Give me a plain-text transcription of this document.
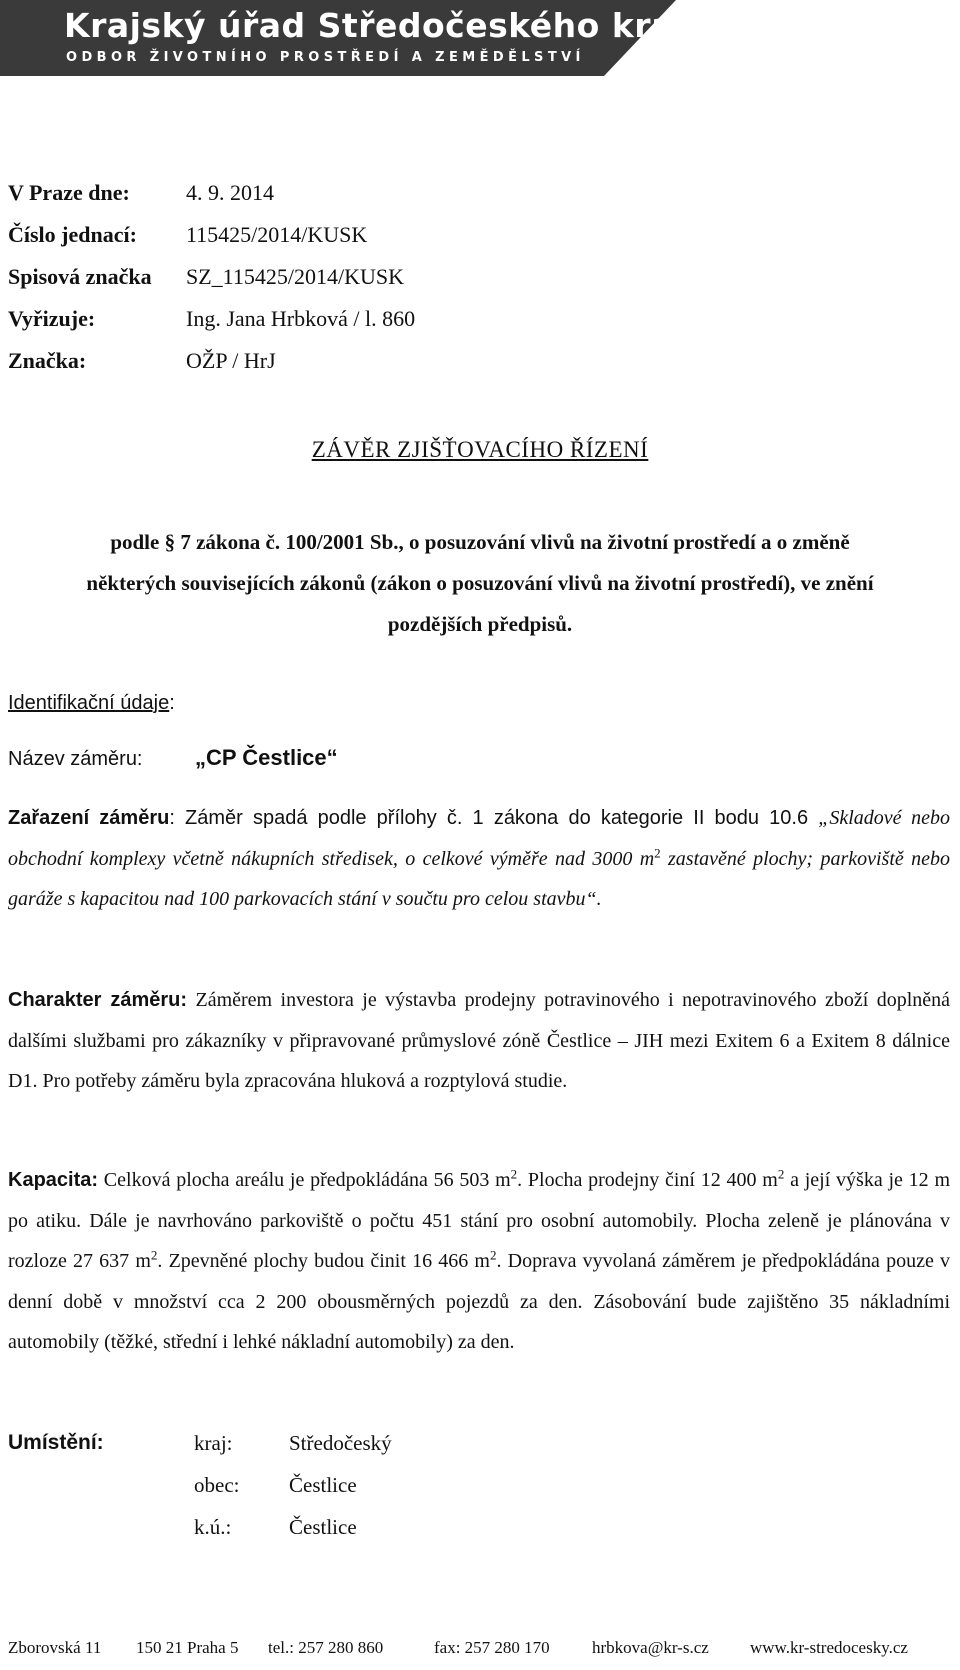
Krajský úřad Středočeského kraje
ODBOR ŽIVOTNÍHO PROSTŘEDÍ A ZEMĚDĚLSTVÍ
V Praze dne:	4. 9. 2014
Číslo jednací: 115425/2014/KUSK
Spisová značka SZ_115425/2014/KUSK
Vyřizuje:	Ing. Jana Hrbková / l. 860
Značka:	OŽP / HrJ
ZÁVĚR ZJIŠŤOVACÍHO ŘÍZENÍ
podle § 7 zákona č. 100/2001 Sb., o posuzování vlivů na životní prostředí a o změně
některých souvisejících zákonů (zákon o posuzování vlivů na životní prostředí), ve znění
pozdějších předpisů.
Identifikační údaje:
Název záměru: „CP Čestlice“
Zařazení záměru: Záměr spadá podle přílohy č. 1 zákona do kategorie II bodu 10.6 „Skladové nebo obchodní komplexy včetně nákupních středisek, o celkové výměře nad 3000 $m^2$ zastavěné plochy; parkoviště nebo garáže s kapacitou nad 100 parkovacích stání v součtu pro celou stavbu“.
Charakter záměru: Záměrem investora je výstavba prodejny potravinového i nepotravinového zboží doplněná dalšími službami pro zákazníky v připravované průmyslové zóně Čestlice – JIH mezi Exitem 6 a Exitem 8 dálnice D1. Pro potřeby záměru byla zpracována hluková a rozptylová studie.
Kapacita: Celková plocha areálu je předpokládána 56 503 $m^2$. Plocha prodejny činí 12 400 $m^2$ a její výška je 12 m po atiku. Dále je navrhováno parkoviště o počtu 451 stání pro osobní automobily. Plocha zeleně je plánována v rozloze 27 637 $m^2$. Zpevněné plochy budou činit 16 466 $m^2$. Doprava vyvolaná záměrem je předpokládána pouze v denní době v množství cca 2 200 obousměrných pojezdů za den. Zásobování bude zajištěno 35 nákladními automobily (těžké, střední i lehké nákladní automobily) za den.
Umístění:	kraj:	Středočeský
obec: Čestlice
k.ú.:	Čestlice
Zborovská 11 150 21 Praha 5 tel.: 257 280 860	fax: 257 280 170 hrbkova@kr-s.cz www.kr-stredocesky.cz
